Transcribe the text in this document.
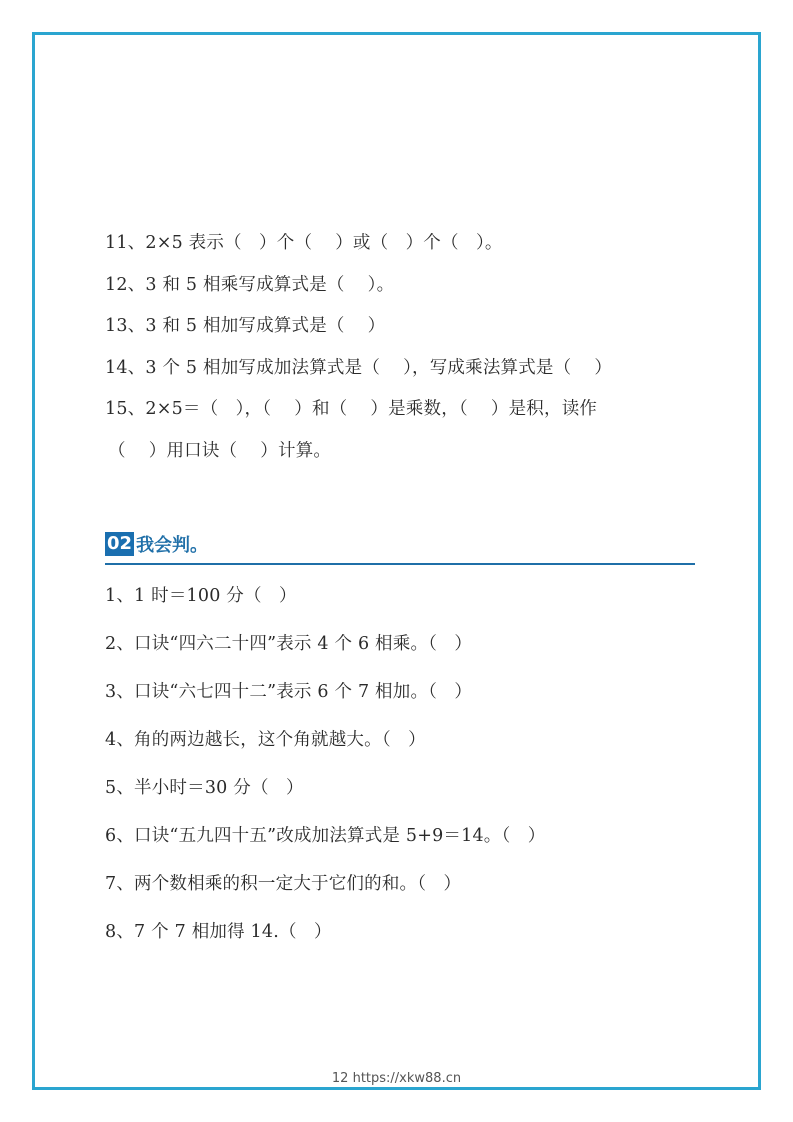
11、2×5 表示（   ）个（    ）或（   ）个（   ）。
12、3 和 5 相乘写成算式是（    ）。
13、3 和 5 相加写成算式是（    ）
14、3 个 5 相加写成加法算式是（    ），写成乘法算式是（    ）
15、2×5＝（   ），（    ）和（    ）是乘数，（    ）是积，读作
（    ）用口诀（    ）计算。
02 我会判。
1、1 时＝100 分（   ）
2、口诀“四六二十四”表示 4 个 6 相乘。（   ）
3、口诀“六七四十二”表示 6 个 7 相加。（   ）
4、角的两边越长，这个角就越大。（   ）
5、半小时＝30 分（   ）
6、口诀“五九四十五”改成加法算式是 5+9＝14。（   ）
7、两个数相乘的积一定大于它们的和。（   ）
8、7 个 7 相加得 14.（   ）
12 https://xkw88.cn
